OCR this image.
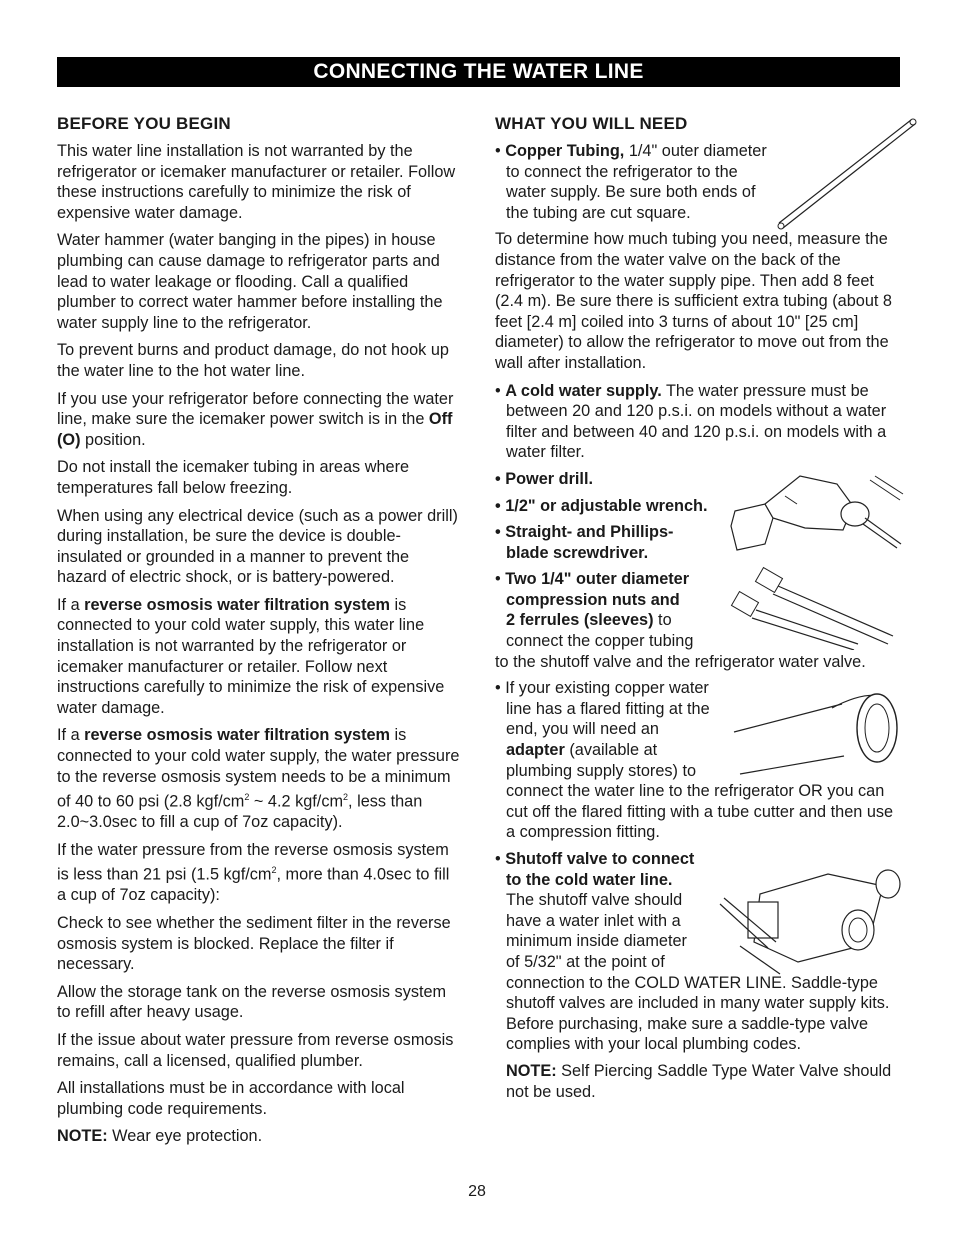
CONNECTING THE WATER LINE
BEFORE YOU BEGIN

This water line installation is not warranted by the refrigerator or icemaker manufacturer or retailer. Follow these instructions carefully to minimize the risk of expensive water damage.

Water hammer (water banging in the pipes) in house plumbing can cause damage to refrigerator parts and lead to water leakage or flooding. Call a qualified plumber to correct water hammer before installing the water supply line to the refrigerator.

To prevent burns and product damage, do not hook up the water line to the hot water line.

If you use your refrigerator before connecting the water line, make sure the icemaker power switch is in the Off (O) position.

Do not install the icemaker tubing in areas where temperatures fall below freezing.

When using any electrical device (such as a power drill) during installation, be sure the device is double-insulated or grounded in a manner to prevent the hazard of electric shock, or is battery-powered.

If a reverse osmosis water filtration system is connected to your cold water supply, this water line installation is not warranted by the refrigerator or icemaker manufacturer or retailer. Follow next instructions carefully to minimize the risk of expensive water damage.

If a reverse osmosis water filtration system is connected to your cold water supply, the water pressure to the reverse osmosis system needs to be a minimum of 40 to 60 psi (2.8 kgf/$cm^2$ ~ 4.2 kgf/$cm^2$, less than 2.0~3.0sec to fill a cup of 7oz capacity).

If the water pressure from the reverse osmosis system is less than 21 psi (1.5 kgf/$cm^2$, more than 4.0sec to fill a cup of 7oz capacity):

Check to see whether the sediment filter in the reverse osmosis system is blocked. Replace the filter if necessary.

Allow the storage tank on the reverse osmosis system to refill after heavy usage.

If the issue about water pressure from reverse osmosis remains, call a licensed, qualified plumber.

All installations must be in accordance with local plumbing code requirements.

NOTE: Wear eye protection.

WHAT YOU WILL NEED
• Copper Tubing, 1/4" outer diameter
to connect the refrigerator to the
water supply. Be sure both ends of
the tubing are cut square.

To determine how much tubing you need, measure the distance from the water valve on the back of the refrigerator to the water supply pipe. Then add 8 feet (2.4 m). Be sure there is sufficient extra tubing (about 8 feet [2.4 m] coiled into 3 turns of about 10" [25 cm] diameter) to allow the refrigerator to move out from the wall after installation.

• A cold water supply. The water pressure must be between 20 and 120 p.s.i. on models without a water filter and between 40 and 120 p.s.i. on models with a water filter.
• Power drill.
• 1/2" or adjustable wrench.
• Straight- and Phillips-
blade screwdriver.
• Two 1/4" outer diameter
compression nuts and
2 ferrules (sleeves) to
connect the copper tubing
to the shutoff valve and the refrigerator water valve.
• If your existing copper water
line has a flared fitting at the
end, you will need an
adapter (available at
plumbing supply stores) to
connect the water line to the refrigerator OR you can cut off the flared fitting with a tube cutter and then use a compression fitting.
• Shutoff valve to connect
to the cold water line.
The shutoff valve should
have a water inlet with a
minimum inside diameter
of 5/32" at the point of
connection to the COLD WATER LINE. Saddle-type shutoff valves are included in many water supply kits. Before purchasing, make sure a saddle-type valve complies with your local plumbing codes.

NOTE: Self Piercing Saddle Type Water Valve should not be used.

28
